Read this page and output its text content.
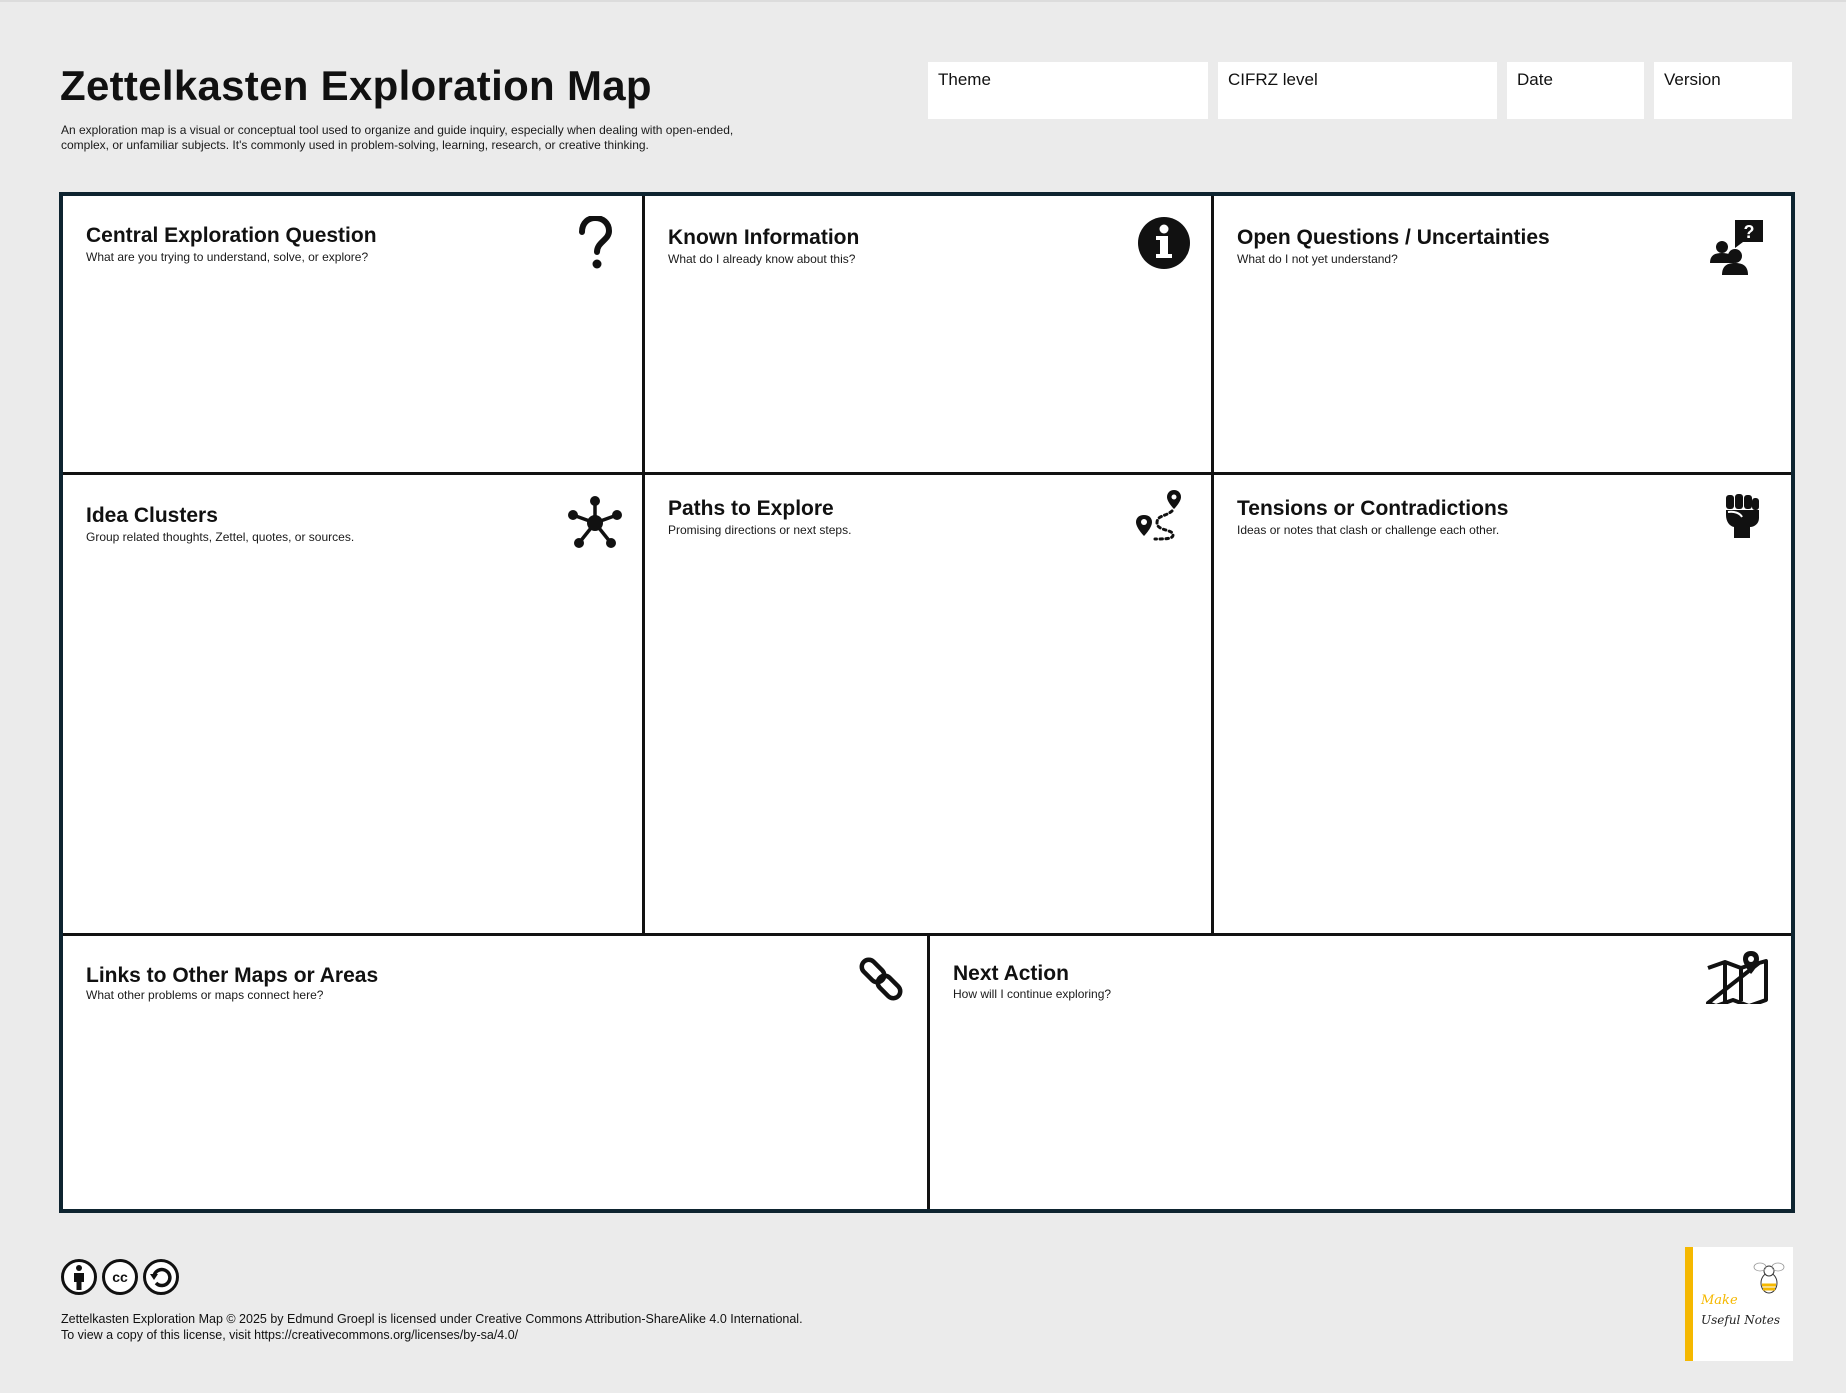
Zettelkasten Exploration Map
An exploration map is a visual or conceptual tool used to organize and guide inquiry, especially when dealing with open-ended, complex, or unfamiliar subjects. It's commonly used in problem-solving, learning, research, or creative thinking.
Theme	CIFRZ level	Date	Version
Central Exploration Question
What are you trying to understand, solve, or explore?
Known Information
What do I already know about this?
Open Questions / Uncertainties
What do I not yet understand?
?
Idea Clusters
Group related thoughts, Zettel, quotes, or sources.
Paths to Explore
Promising directions or next steps.
Tensions or Contradictions
Ideas or notes that clash or challenge each other.
Links to Other Maps or Areas
What other problems or maps connect here?
Next Action
How will I continue exploring?
cc
Zettelkasten Exploration Map © 2025 by Edmund Groepl is licensed under Creative Commons Attribution-ShareAlike 4.0 International.
To view a copy of this license, visit https://creativecommons.org/licenses/by-sa/4.0/

Make
Useful Notes
